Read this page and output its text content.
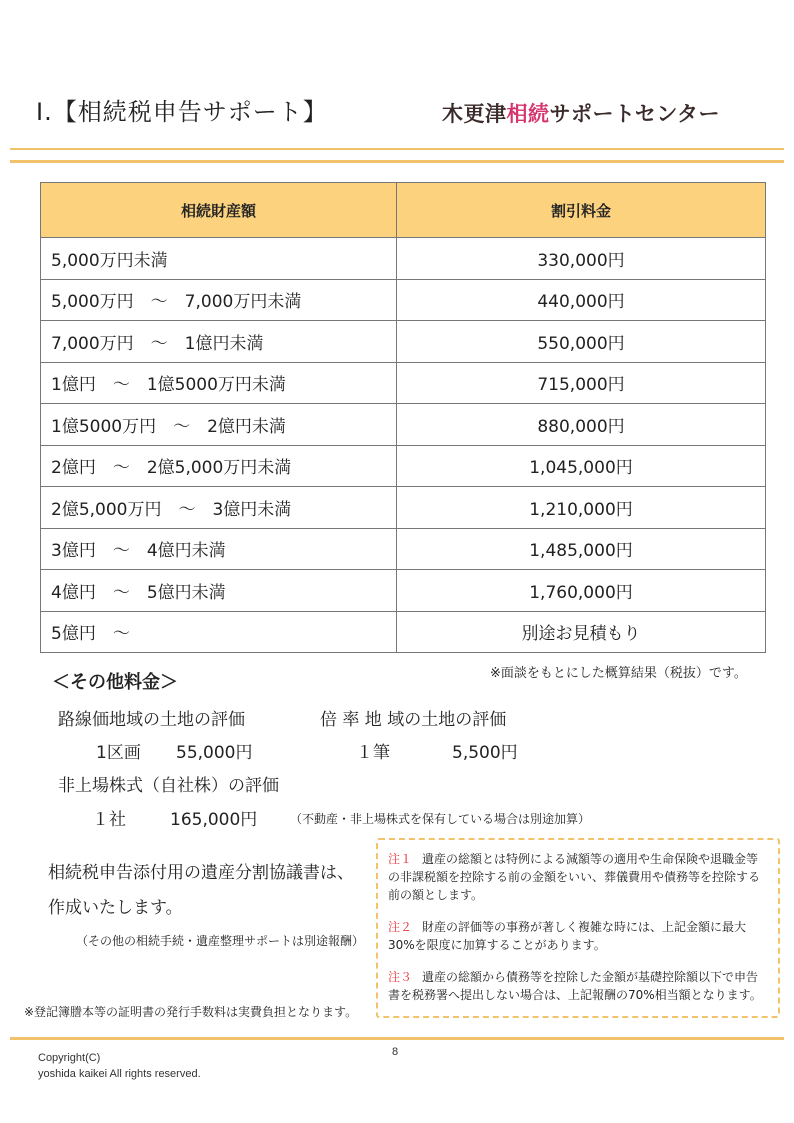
Ⅰ.【相続税申告サポート】	木更津相続サポートセンター
相続財産額	割引料金
5,000万円未満	330,000円
5,000万円　～　7,000万円未満	440,000円
7,000万円　～　1億円未満	550,000円
1億円　～　1億5000万円未満	715,000円
1億5000万円　～　2億円未満	880,000円
2億円　～　2億5,000万円未満	1,045,000円
2億5,000万円　～　3億円未満	1,210,000円
3億円　～　4億円未満	1,485,000円
4億円　～　5億円未満	1,760,000円
5億円　～	別途お見積もり
※面談をもとにした概算結果（税抜）です。
＜その他料金＞
路線価地域の土地の評価	倍 率 地 域の土地の評価
1区画 55,000円	１筆	5,500円
非上場株式（自社株）の評価
１社	165,000円	（不動産・非上場株式を保有している場合は別途加算）
相続税申告添付用の遺産分割協議書は、
作成いたします。
（その他の相続手続・遺産整理サポートは別途報酬）
※登記簿謄本等の証明書の発行手数料は実費負担となります。

注１ 遺産の総額とは特例による減額等の適用や生命保険や退職金等の非課税額を控除する前の金額をいい、葬儀費用や債務等を控除する前の額とします。

注２ 財産の評価等の事務が著しく複雑な時には、上記金額に最大30%を限度に加算することがあります。

注３ 遺産の総額から債務等を控除した金額が基礎控除額以下で申告書を税務署へ提出しない場合は、上記報酬の70%相当額となります。

Copyright(C)
yoshida kaikei All rights reserved.
8
